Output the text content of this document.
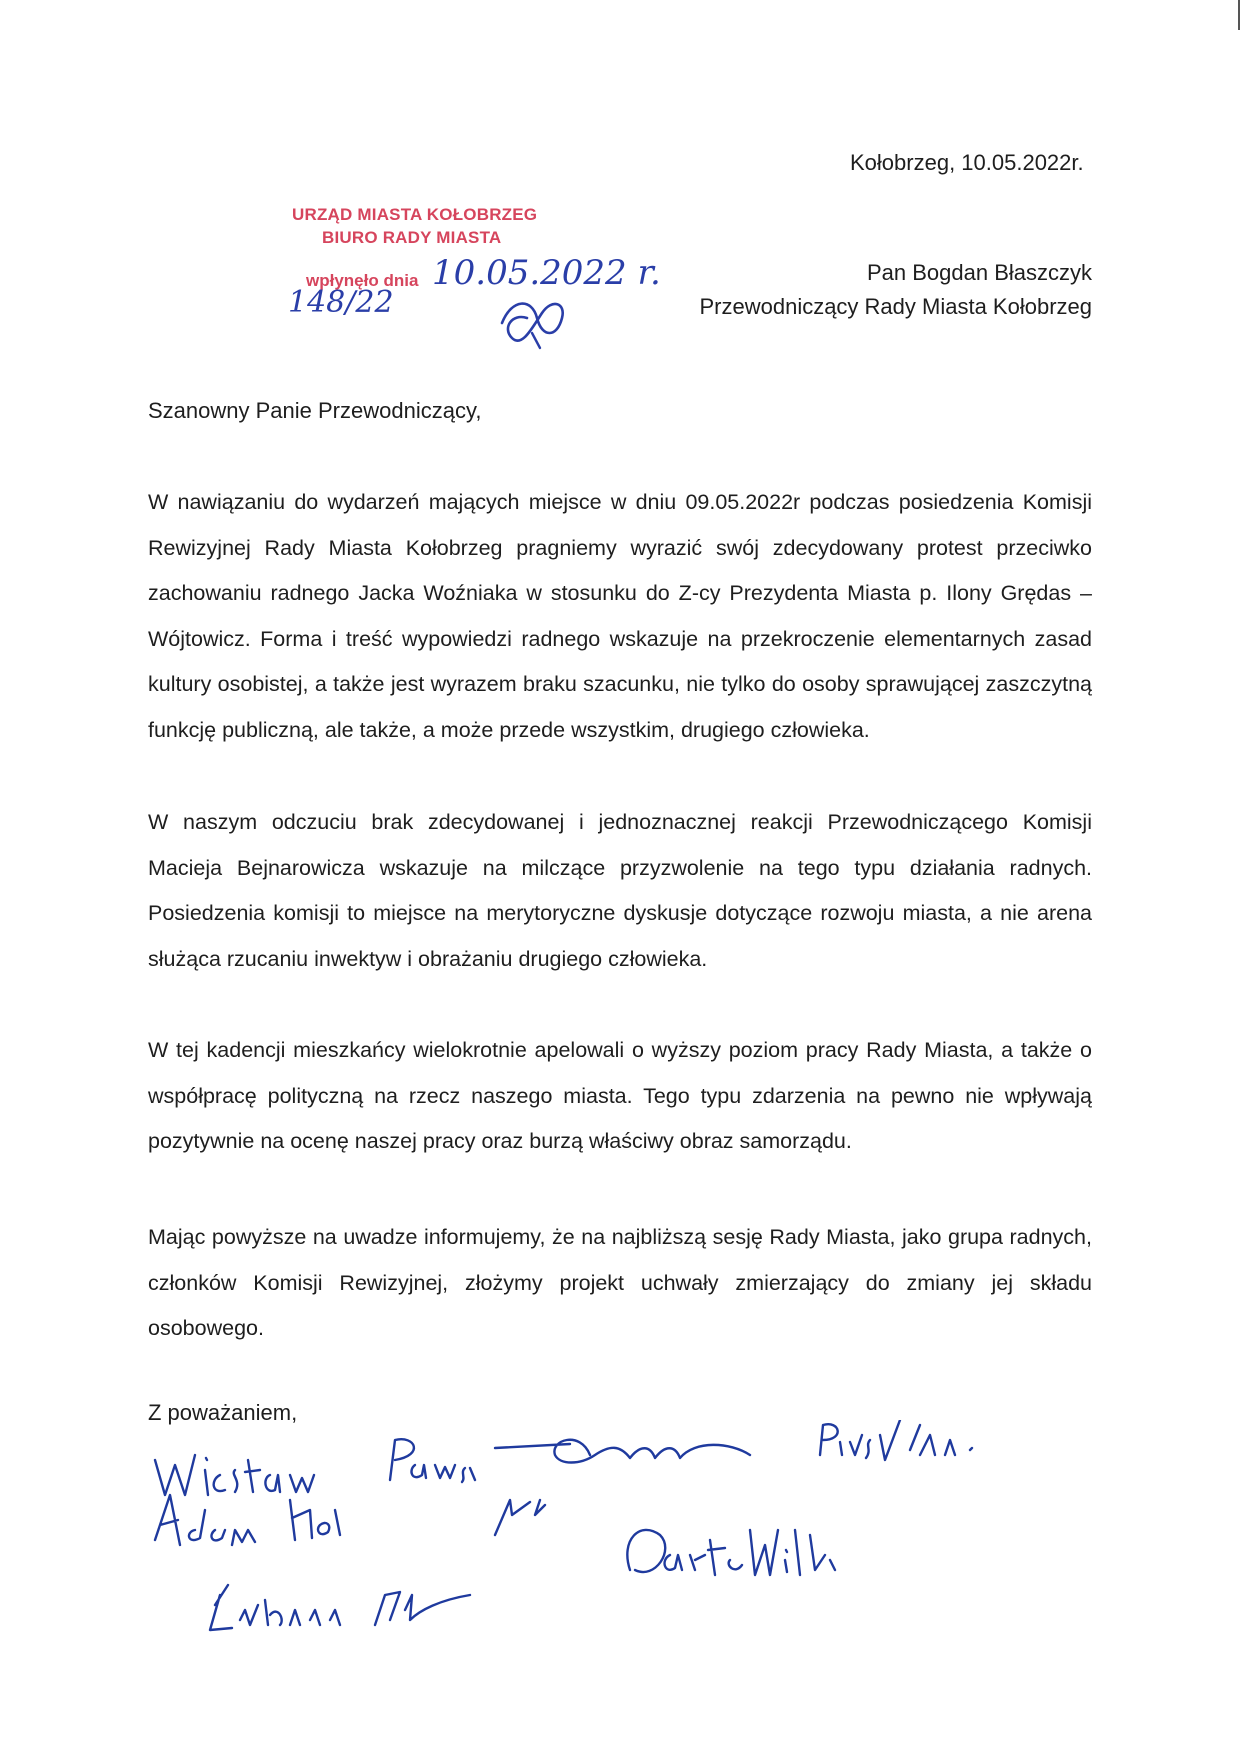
Kołobrzeg, 10.05.2022r.
URZĄD MIASTA KOŁOBRZEG
BIURO RADY MIASTA
wpłynęło dnia 10.05.2022 r.
148/22
Pan Bogdan Błaszczyk
Przewodniczący Rady Miasta Kołobrzeg
Szanowny Panie Przewodniczący,
W nawiązaniu do wydarzeń mających miejsce w dniu 09.05.2022r podczas posiedzenia Komisji Rewizyjnej Rady Miasta Kołobrzeg pragniemy wyrazić swój zdecydowany protest przeciwko zachowaniu radnego Jacka Woźniaka w stosunku do Z-cy Prezydenta Miasta p. Ilony Grędas – Wójtowicz. Forma i treść wypowiedzi radnego wskazuje na przekroczenie elementarnych zasad kultury osobistej, a także jest wyrazem braku szacunku, nie tylko do osoby sprawującej zaszczytną funkcję publiczną, ale także, a może przede wszystkim, drugiego człowieka.
W naszym odczuciu brak zdecydowanej i jednoznacznej reakcji Przewodniczącego Komisji Macieja Bejnarowicza wskazuje na milczące przyzwolenie na tego typu działania radnych. Posiedzenia komisji to miejsce na merytoryczne dyskusje dotyczące rozwoju miasta, a nie arena służąca rzucaniu inwektyw i obrażaniu drugiego człowieka.
W tej kadencji mieszkańcy wielokrotnie apelowali o wyższy poziom pracy Rady Miasta, a także o współpracę polityczną na rzecz naszego miasta. Tego typu zdarzenia na pewno nie wpływają pozytywnie na ocenę naszej pracy oraz burzą właściwy obraz samorządu.
Mając powyższe na uwadze informujemy, że na najbliższą sesję Rady Miasta, jako grupa radnych, członków Komisji Rewizyjnej, złożymy projekt uchwały zmierzający do zmiany jej składu osobowego.
Z poważaniem,
